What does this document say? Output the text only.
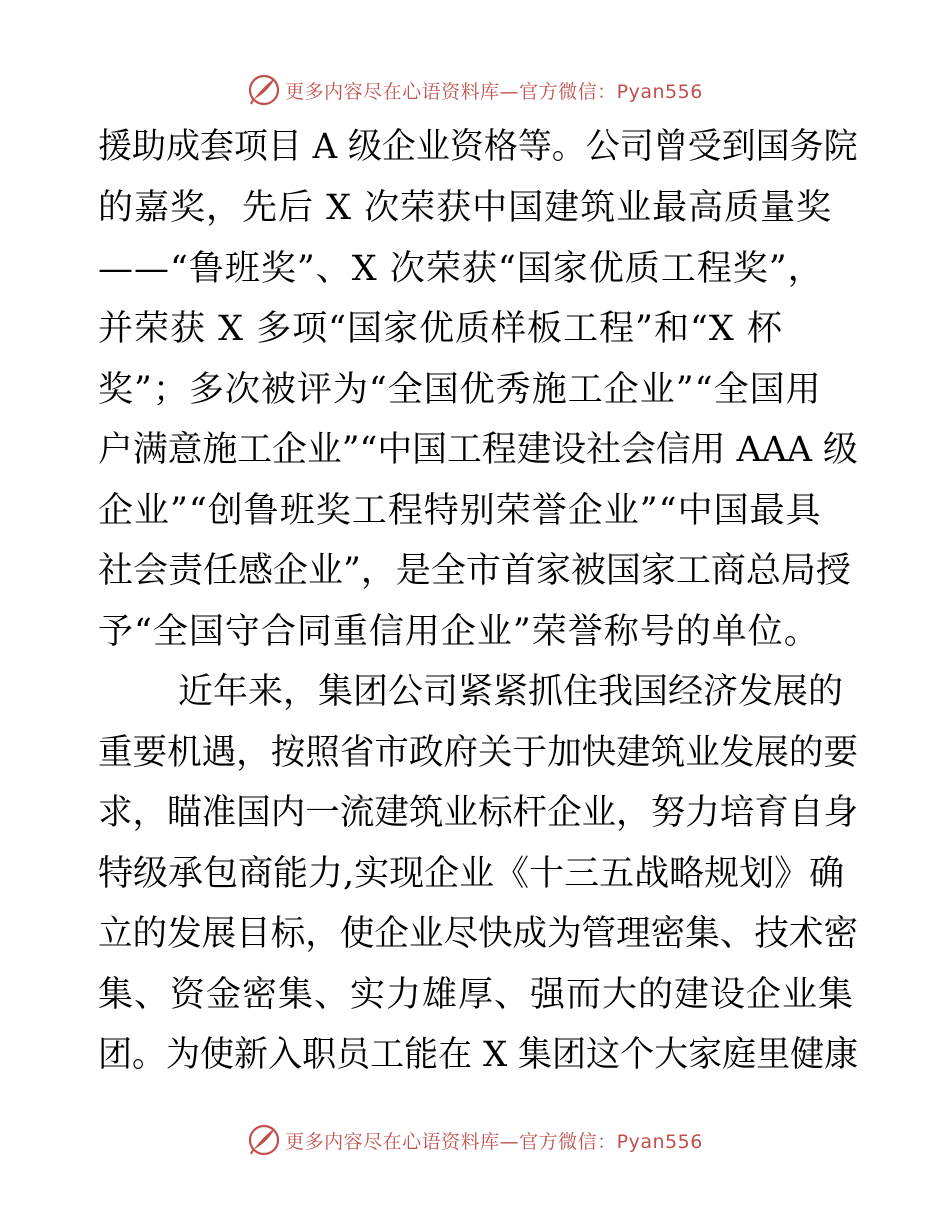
更多内容尽在心语资料库—官方微信：Pyan556
援助成套项目 A 级企业资格等。公司曾受到国务院
的嘉奖，先后 X 次荣获中国建筑业最高质量奖
——“鲁班奖”、X 次荣获“国家优质工程奖”，
并荣获 X 多项“国家优质样板工程”和“X 杯
奖”；多次被评为“全国优秀施工企业”“全国用
户满意施工企业”“中国工程建设社会信用 AAA 级
企业”“创鲁班奖工程特别荣誉企业”“中国最具
社会责任感企业”，是全市首家被国家工商总局授
予“全国守合同重信用企业”荣誉称号的单位。
近年来，集团公司紧紧抓住我国经济发展的
重要机遇，按照省市政府关于加快建筑业发展的要
求，瞄准国内一流建筑业标杆企业，努力培育自身
特级承包商能力,实现企业《十三五战略规划》确
立的发展目标，使企业尽快成为管理密集、技术密
集、资金密集、实力雄厚、强而大的建设企业集
团。为使新入职员工能在 X 集团这个大家庭里健康
更多内容尽在心语资料库—官方微信：Pyan556
